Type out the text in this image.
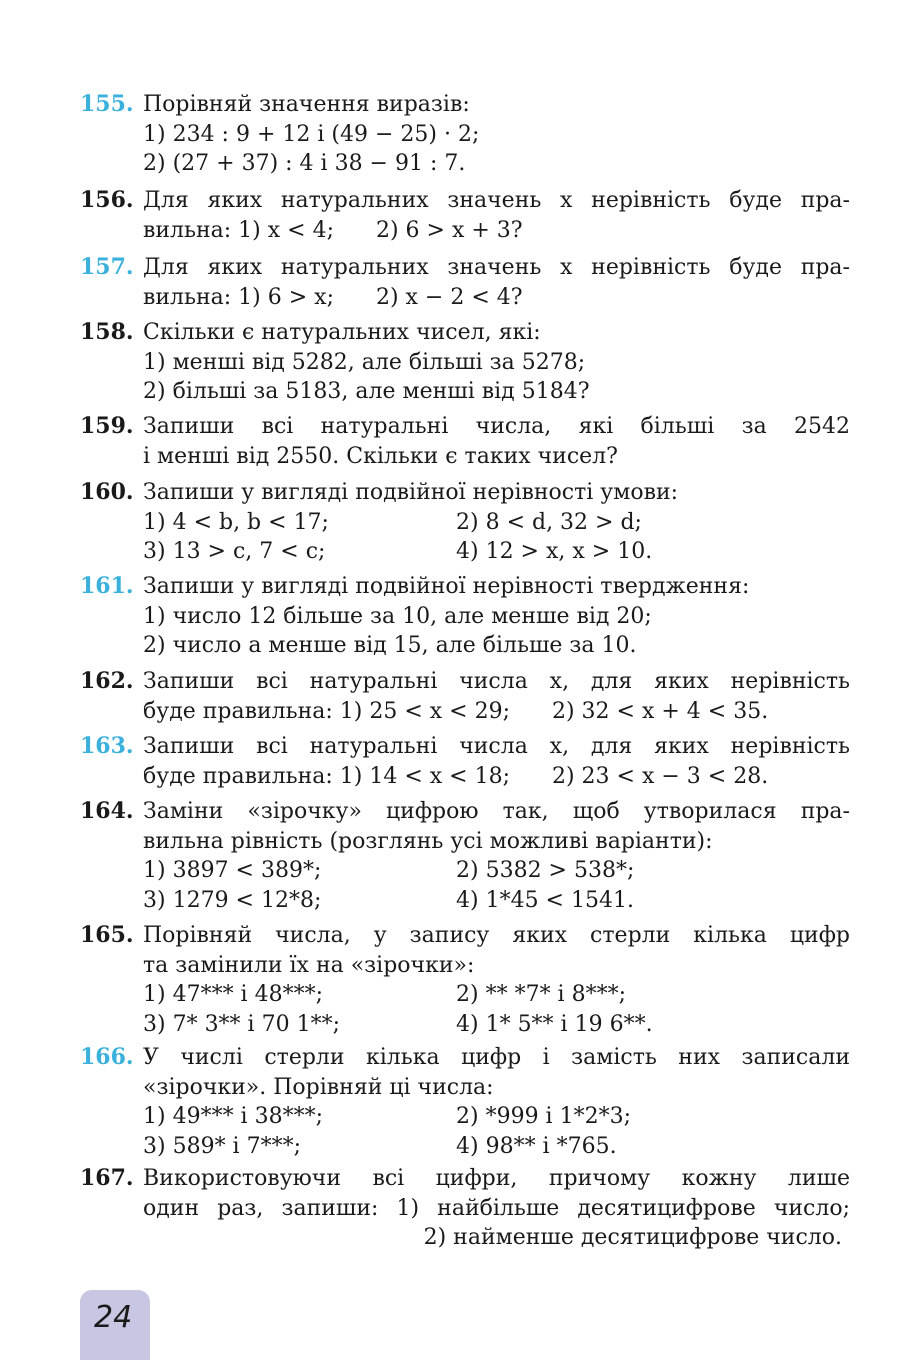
155. Порівняй значення виразів:
1) 234 : 9 + 12 і (49 − 25) · 2;
2) (27 + 37) : 4 і 38 − 91 : 7.
156. Для яких натуральних значень x нерівність буде пра-
вильна: 1) x < 4;      2) 6 > x + 3?
157. Для яких натуральних значень x нерівність буде пра-
вильна: 1) 6 > x;      2) x − 2 < 4?
158. Скільки є натуральних чисел, які:
1) менші від 5282, але більші за 5278;
2) більші за 5183, але менші від 5184?
159. Запиши всі натуральні числа, які більші за 2542
і менші від 2550. Скільки є таких чисел?
160. Запиши у вигляді подвійної нерівності умови:
1) 4 < b, b < 17;	2) 8 < d, 32 > d;
3) 13 > c, 7 < c;	4) 12 > x, x > 10.
161. Запиши у вигляді подвійної нерівності твердження:
1) число 12 більше за 10, але менше від 20;
2) число a менше від 15, але більше за 10.
162. Запиши всі натуральні числа x, для яких нерівність
буде правильна: 1) 25 < x < 29;      2) 32 < x + 4 < 35.
163. Запиши всі натуральні числа x, для яких нерівність
буде правильна: 1) 14 < x < 18;      2) 23 < x − 3 < 28.
164. Заміни «зірочку» цифрою так, щоб утворилася пра-
вильна рівність (розглянь усі можливі варіанти):
1) 3897 < 389*;	2) 5382 > 538*;
3) 1279 < 12*8;	4) 1*45 < 1541.
165. Порівняй числа, у запису яких стерли кілька цифр
та замінили їх на «зірочки»:
1) 47*** і 48***;	2) ** *7* і 8***;
3) 7* 3** і 70 1**;	4) 1* 5** і 19 6**.
166. У числі стерли кілька цифр і замість них записали
«зірочки». Порівняй ці числа:
1) 49*** і 38***;	2) *999 і 1*2*3;
3) 589* і 7***;	4) 98** і *765.
167. Використовуючи всі цифри, причому кожну лише
один раз, запиши: 1) найбільше десятицифрове число;
2) найменше десятицифрове число.
24
